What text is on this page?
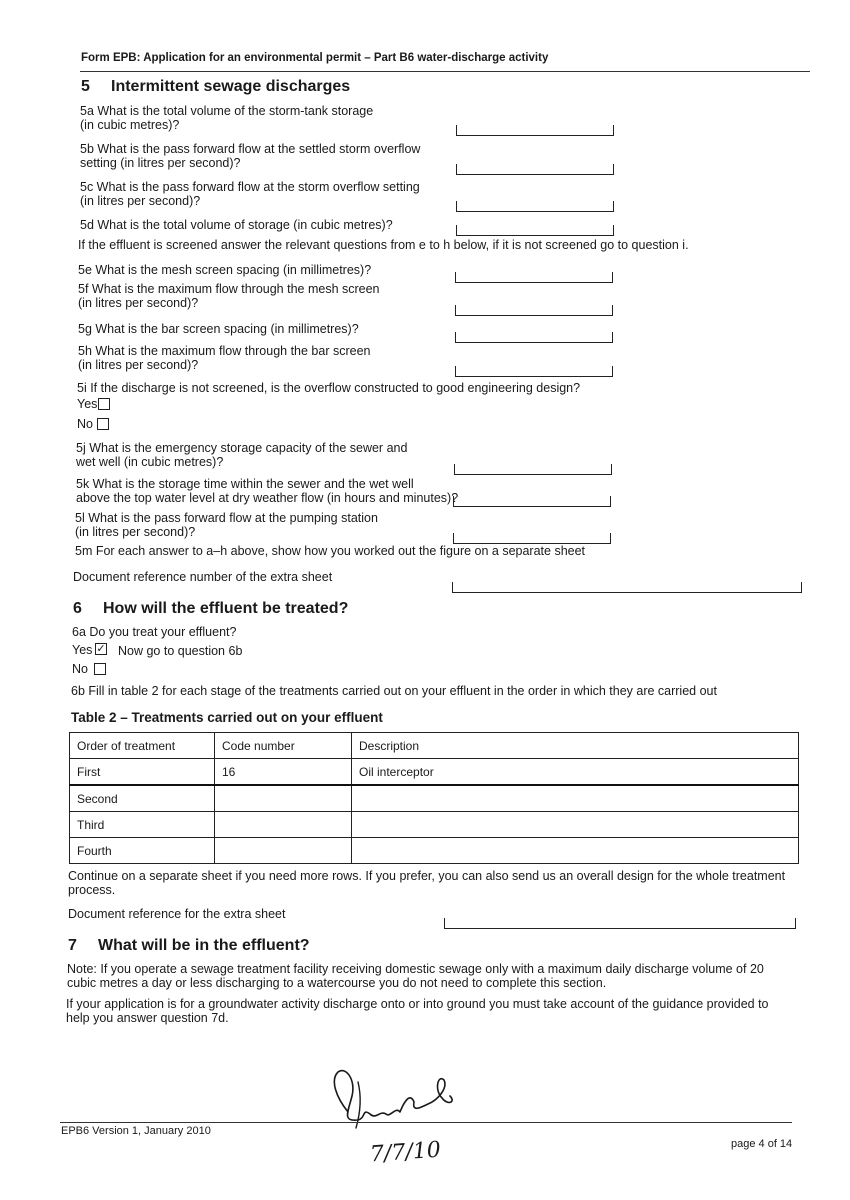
Form EPB: Application for an environmental permit – Part B6 water-discharge activity
5 Intermittent sewage discharges
5a What is the total volume of the storm-tank storage
(in cubic metres)?
5b What is the pass forward flow at the settled storm overflow
setting (in litres per second)?
5c What is the pass forward flow at the storm overflow setting
(in litres per second)?
5d What is the total volume of storage (in cubic metres)?
If the effluent is screened answer the relevant questions from e to h below, if it is not screened go to question i.
5e What is the mesh screen spacing (in millimetres)?
5f What is the maximum flow through the mesh screen
(in litres per second)?
5g What is the bar screen spacing (in millimetres)?
5h What is the maximum flow through the bar screen
(in litres per second)?
5i If the discharge is not screened, is the overflow constructed to good engineering design?
Yes
No
5j What is the emergency storage capacity of the sewer and
wet well (in cubic metres)?
5k What is the storage time within the sewer and the wet well
above the top water level at dry weather flow (in hours and minutes)?
5l What is the pass forward flow at the pumping station
(in litres per second)?
5m For each answer to a–h above, show how you worked out the figure on a separate sheet
Document reference number of the extra sheet
6 How will the effluent be treated?
6a Do you treat your effluent?
Yes ✓ Now go to question 6b
No
6b Fill in table 2 for each stage of the treatments carried out on your effluent in the order in which they are carried out
Table 2 – Treatments carried out on your effluent
Order of treatment	Code number	Description
First	16	Oil interceptor
Second		
Third		
Fourth		
Continue on a separate sheet if you need more rows. If you prefer, you can also send us an overall design for the whole treatment process.
Document reference for the extra sheet
7 What will be in the effluent?
Note: If you operate a sewage treatment facility receiving domestic sewage only with a maximum daily discharge volume of 20 cubic metres a day or less discharging to a watercourse you do not need to complete this section.
If your application is for a groundwater activity discharge onto or into ground you must take account of the guidance provided to help you answer question 7d.
7/7/10
EPB6 Version 1, January 2010
page 4 of 14
